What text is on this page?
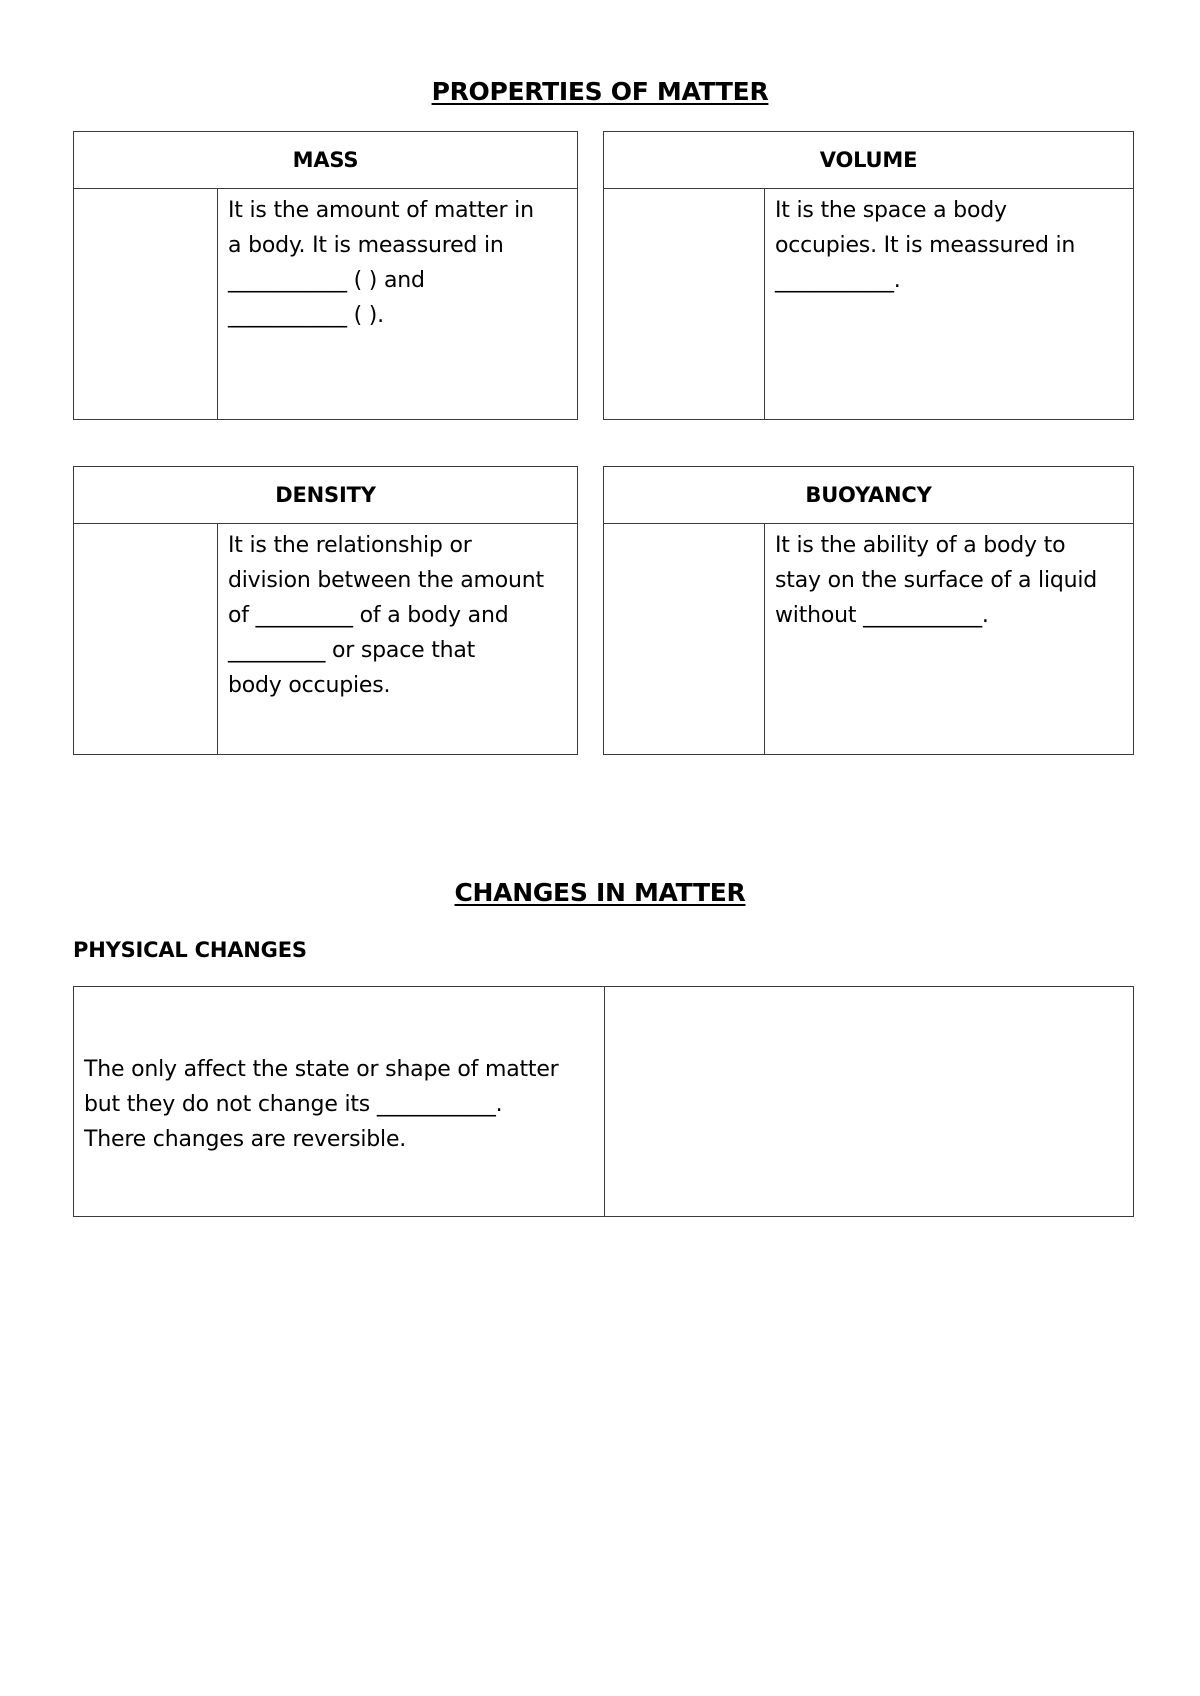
PROPERTIES OF MATTER
MASS
It is the amount of matter in
a body. It is meassured in
___________ ( ) and
___________ ( ).
VOLUME
It is the space a body
occupies. It is meassured in
___________.
DENSITY
It is the relationship or
division between the amount
of _________ of a body and
_________ or space that
body occupies.
BUOYANCY
It is the ability of a body to
stay on the surface of a liquid
without ___________.
CHANGES IN MATTER
PHYSICAL CHANGES
The only affect the state or shape of matter
but they do not change its ___________.
There changes are reversible.
